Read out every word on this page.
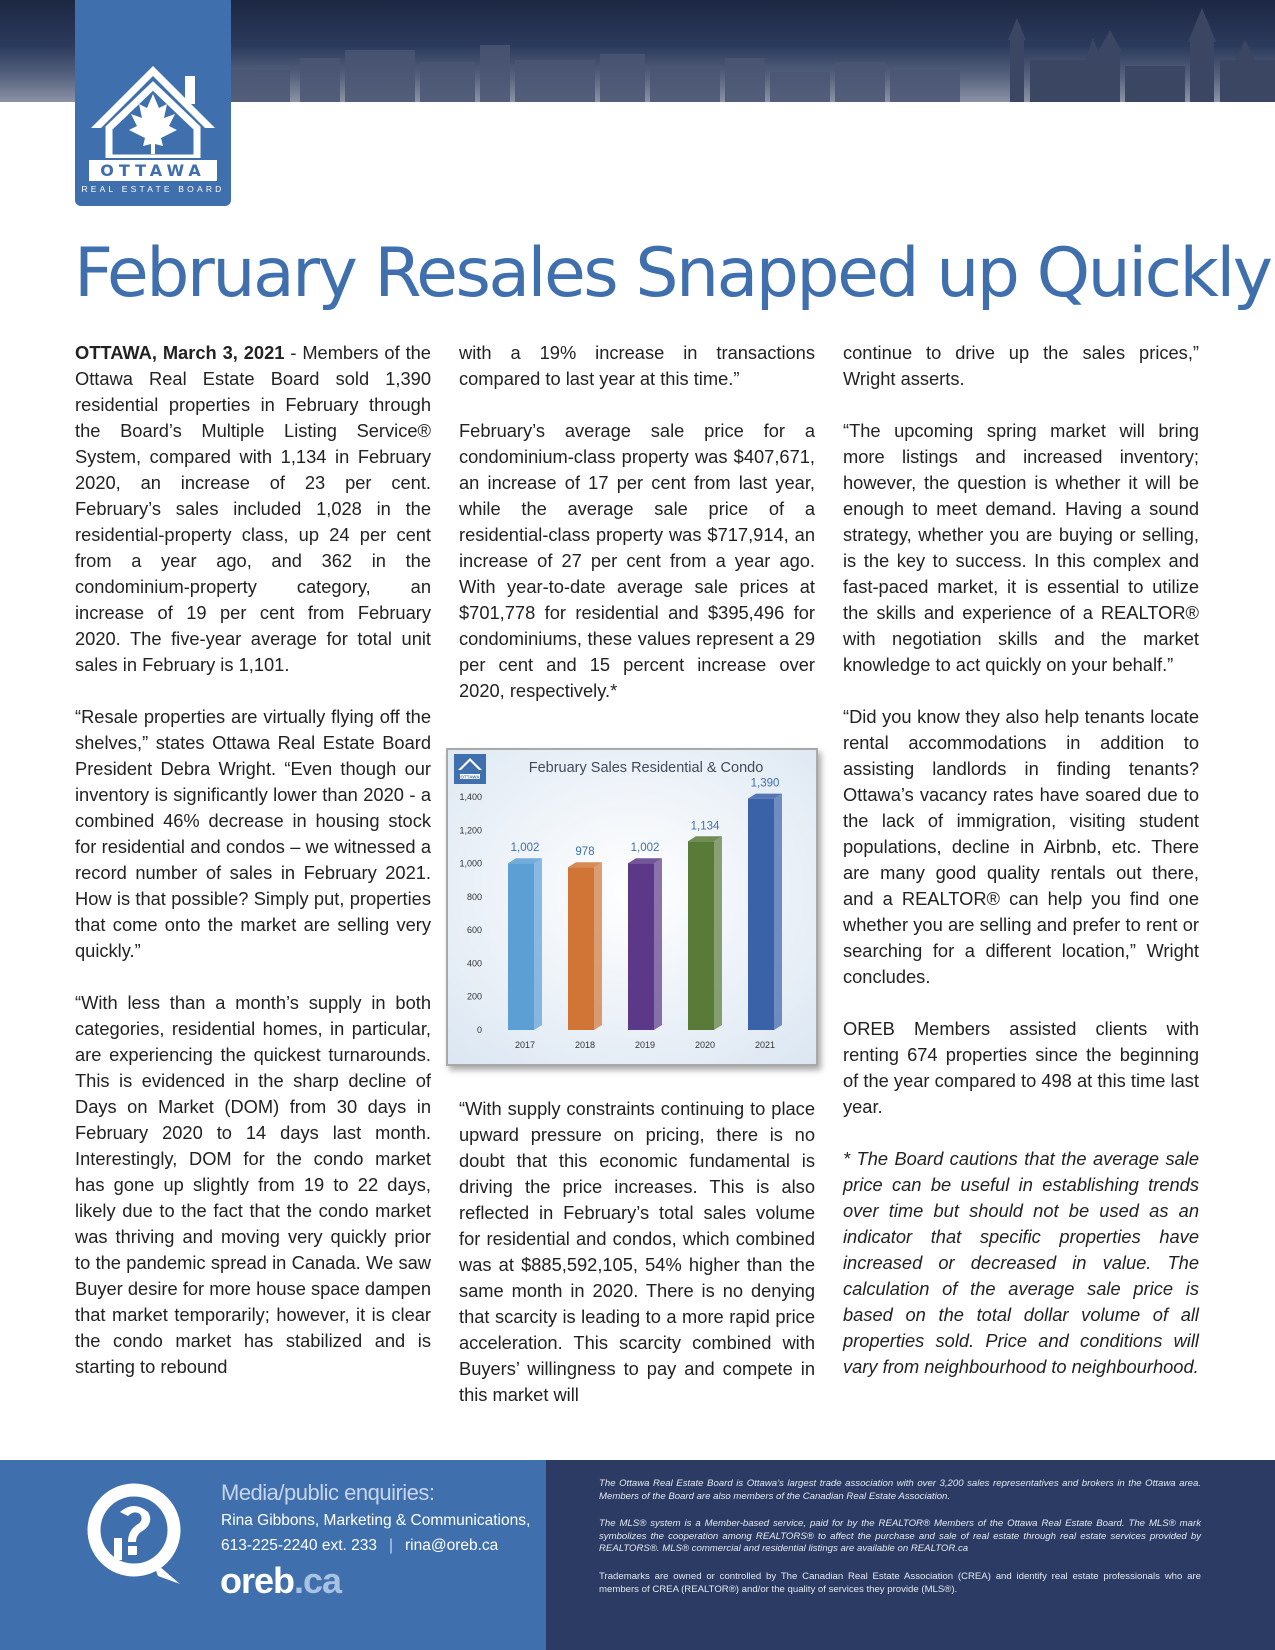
OTTAWA
REAL ESTATE BOARD
February Resales Snapped up Quickly

OTTAWA, March 3, 2021 - Members of the Ottawa Real Estate Board sold 1,390 residential properties in February through the Board’s Multiple Listing Service® System, compared with 1,134 in February 2020, an increase of 23 per cent. February’s sales included 1,028 in the residential-property class, up 24 per cent from a year ago, and 362 in the condominium-property category, an increase of 19 per cent from February 2020. The five-year average for total unit sales in February is 1,101.

“Resale properties are virtually flying off the shelves,” states Ottawa Real Estate Board President Debra Wright. “Even though our inventory is significantly lower than 2020 - a combined 46% decrease in housing stock for residential and condos – we witnessed a record number of sales in February 2021. How is that possible? Simply put, properties that come onto the market are selling very quickly.”

“With less than a month’s supply in both categories, residential homes, in particular, are experiencing the quickest turnarounds. This is evidenced in the sharp decline of Days on Market (DOM) from 30 days in February 2020 to 14 days last month. Interestingly, DOM for the condo market has gone up slightly from 19 to 22 days, likely due to the fact that the condo market was thriving and moving very quickly prior to the pandemic spread in Canada. We saw Buyer desire for more house space dampen that market temporarily; however, it is clear the condo market has stabilized and is starting to rebound

with a 19% increase in transactions compared to last year at this time.”

February’s average sale price for a condominium-class property was $407,671, an increase of 17 per cent from last year, while the average sale price of a residential-class property was $717,914, an increase of 27 per cent from a year ago. With year-to-date average sale prices at $701,778 for residential and $395,496 for condominiums, these values represent a 29 per cent and 15 percent increase over 2020, respectively.*

“With supply constraints continuing to place upward pressure on pricing, there is no doubt that this economic fundamental is driving the price increases. This is also reflected in February’s total sales volume for residential and condos, which combined was at $885,592,105, 54% higher than the same month in 2020. There is no denying that scarcity is leading to a more rapid price acceleration. This scarcity combined with Buyers’ willingness to pay and compete in this market will

OTTAWA
February Sales Residential & Condo
0
200
400
600
800
1,000
1,200
1,400
1,002
2017
978
2018
1,002
2019
1,134
2020
1,390
2021

continue to drive up the sales prices,” Wright asserts.

“The upcoming spring market will bring more listings and increased inventory; however, the question is whether it will be enough to meet demand. Having a sound strategy, whether you are buying or selling, is the key to success. In this complex and fast-paced market, it is essential to utilize the skills and experience of a REALTOR® with negotiation skills and the market knowledge to act quickly on your behalf.”

“Did you know they also help tenants locate rental accommodations in addition to assisting landlords in finding tenants? Ottawa’s vacancy rates have soared due to the lack of immigration, visiting student populations, decline in Airbnb, etc. There are many good quality rentals out there, and a REALTOR® can help you find one whether you are selling and prefer to rent or searching for a different location,” Wright concludes.

OREB Members assisted clients with renting 674 properties since the beginning of the year compared to 498 at this time last year.

* The Board cautions that the average sale price can be useful in establishing trends over time but should not be used as an indicator that specific properties have increased or decreased in value. The calculation of the average sale price is based on the total dollar volume of all properties sold. Price and conditions will vary from neighbourhood to neighbourhood.

Media/public enquiries:
Rina Gibbons, Marketing & Communications,
613-225-2240 ext. 233 | rina@oreb.ca
oreb.ca
The Ottawa Real Estate Board is Ottawa’s largest trade association with over 3,200 sales representatives and brokers in the Ottawa area. Members of the Board are also members of the Canadian Real Estate Association.
The MLS® system is a Member-based service, paid for by the REALTOR® Members of the Ottawa Real Estate Board. The MLS® mark symbolizes the cooperation among REALTORS® to affect the purchase and sale of real estate through real estate services provided by REALTORS®. MLS® commercial and residential listings are available on REALTOR.ca
Trademarks are owned or controlled by The Canadian Real Estate Association (CREA) and identify real estate professionals who are members of CREA (REALTOR®) and/or the quality of services they provide (MLS®).
